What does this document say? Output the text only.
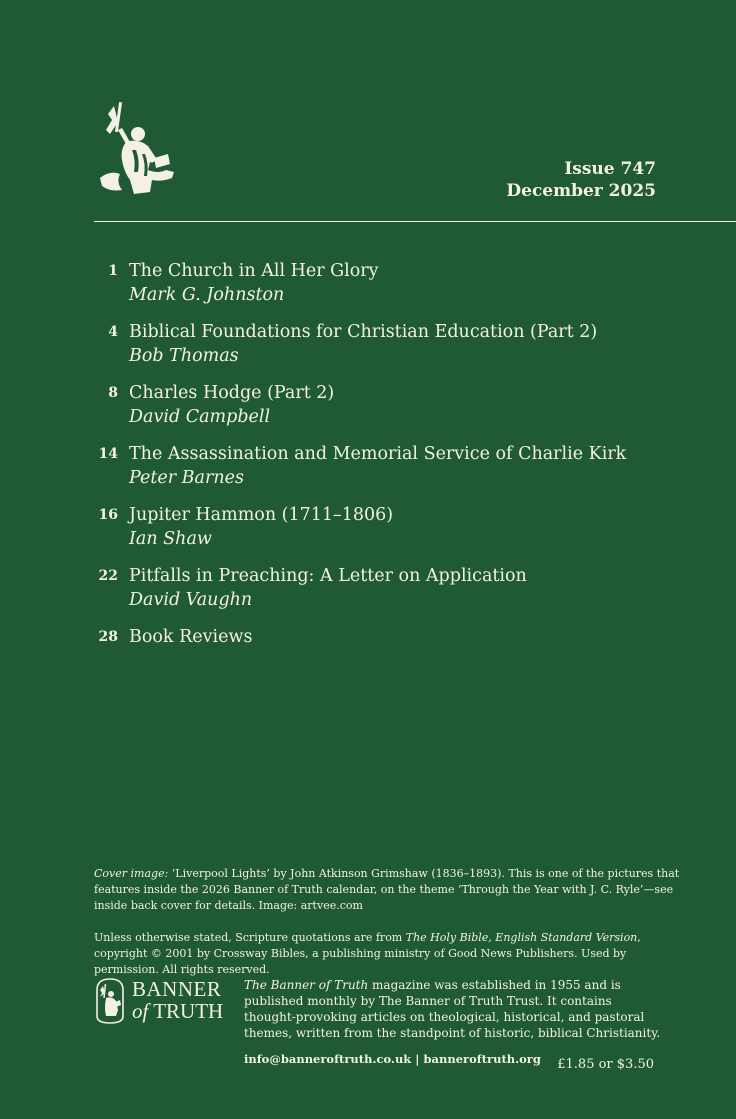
Issue 747
December 2025
1 The Church in All Her Glory
Mark G. Johnston
4 Biblical Foundations for Christian Education (Part 2)
Bob Thomas
8 Charles Hodge (Part 2)
David Campbell
14 The Assassination and Memorial Service of Charlie Kirk
Peter Barnes
16 Jupiter Hammon (1711–1806)
Ian Shaw
22 Pitfalls in Preaching: A Letter on Application
David Vaughn
28 Book Reviews
Cover image: ‘Liverpool Lights’ by John Atkinson Grimshaw (1836–1893). This is one of the pictures that features inside the 2026 Banner of Truth calendar, on the theme ‘Through the Year with J. C. Ryle’—see inside back cover for details. Image: artvee.com
Unless otherwise stated, Scripture quotations are from The Holy Bible, English Standard Version, copyright © 2001 by Crossway Bibles, a publishing ministry of Good News Publishers. Used by permission. All rights reserved.
BANNER
of TRUTH
The Banner of Truth magazine was established in 1955 and is published monthly by The Banner of Truth Trust. It contains thought-provoking articles on theological, historical, and pastoral themes, written from the standpoint of historic, biblical Christianity.
info@banneroftruth.co.uk | banneroftruth.org £1.85 or $3.50
